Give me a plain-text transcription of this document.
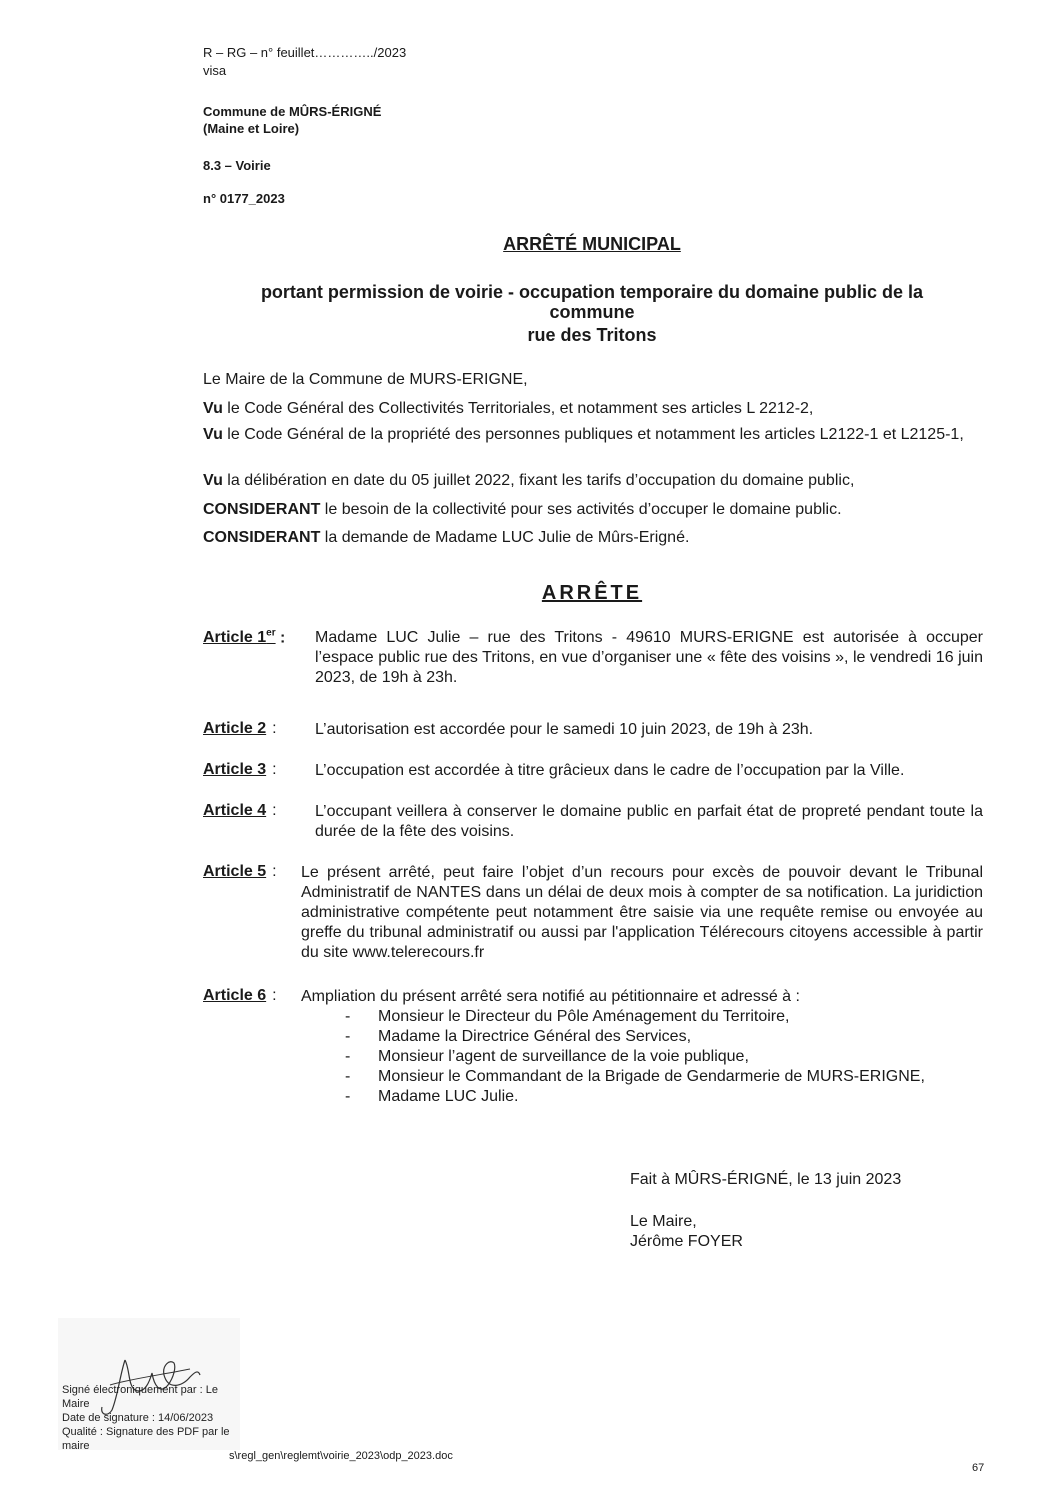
R – RG – n° feuillet…………../2023
visa
Commune de MÛRS-ÉRIGNÉ
(Maine et Loire)
8.3 – Voirie
n° 0177_2023
ARRÊTÉ MUNICIPAL
portant permission de voirie - occupation temporaire du domaine public de la
commune
rue des Tritons
Le Maire de la Commune de MURS-ERIGNE,
Vu le Code Général des Collectivités Territoriales, et notamment ses articles L 2212-2,
Vu le Code Général de la propriété des personnes publiques et notamment les articles L2122-1 et L2125-1,
Vu la délibération en date du 05 juillet 2022, fixant les tarifs d’occupation du domaine public,
CONSIDERANT le besoin de la collectivité pour ses activités d’occuper le domaine public.
CONSIDERANT la demande de Madame LUC Julie de Mûrs-Erigné.
ARRÊTE
Article 1er : Madame LUC Julie – rue des Tritons - 49610 MURS-ERIGNE est autorisée à occuper l’espace public rue des Tritons, en vue d’organiser une « fête des voisins », le vendredi 16 juin 2023, de 19h à 23h.
Article 2 : L’autorisation est accordée pour le samedi 10 juin 2023, de 19h à 23h.
Article 3 : L’occupation est accordée à titre grâcieux dans le cadre de l’occupation par la Ville.
Article 4 : L’occupant veillera à conserver le domaine public en parfait état de propreté pendant toute la durée de la fête des voisins.
Article 5 : Le présent arrêté, peut faire l’objet d’un recours pour excès de pouvoir devant le Tribunal Administratif de NANTES dans un délai de deux mois à compter de sa notification. La juridiction administrative compétente peut notamment être saisie via une requête remise ou envoyée au greffe du tribunal administratif ou aussi par l'application Télérecours citoyens accessible à partir du site www.telerecours.fr
Article 6 : Ampliation du présent arrêté sera notifié au pétitionnaire et adressé à :
-	Monsieur le Directeur du Pôle Aménagement du Territoire,
-	Madame la Directrice Général des Services,
-	Monsieur l’agent de surveillance de la voie publique,
-	Monsieur le Commandant de la Brigade de Gendarmerie de MURS-ERIGNE,
-	Madame LUC Julie.
Fait à MÛRS-ÉRIGNÉ, le 13 juin 2023
Le Maire,
Jérôme FOYER
Signé électroniquement par : Le
Maire
Date de signature : 14/06/2023
Qualité : Signature des PDF par le
maire
s\regl_gen\reglemt\voirie_2023\odp_2023.doc
67
